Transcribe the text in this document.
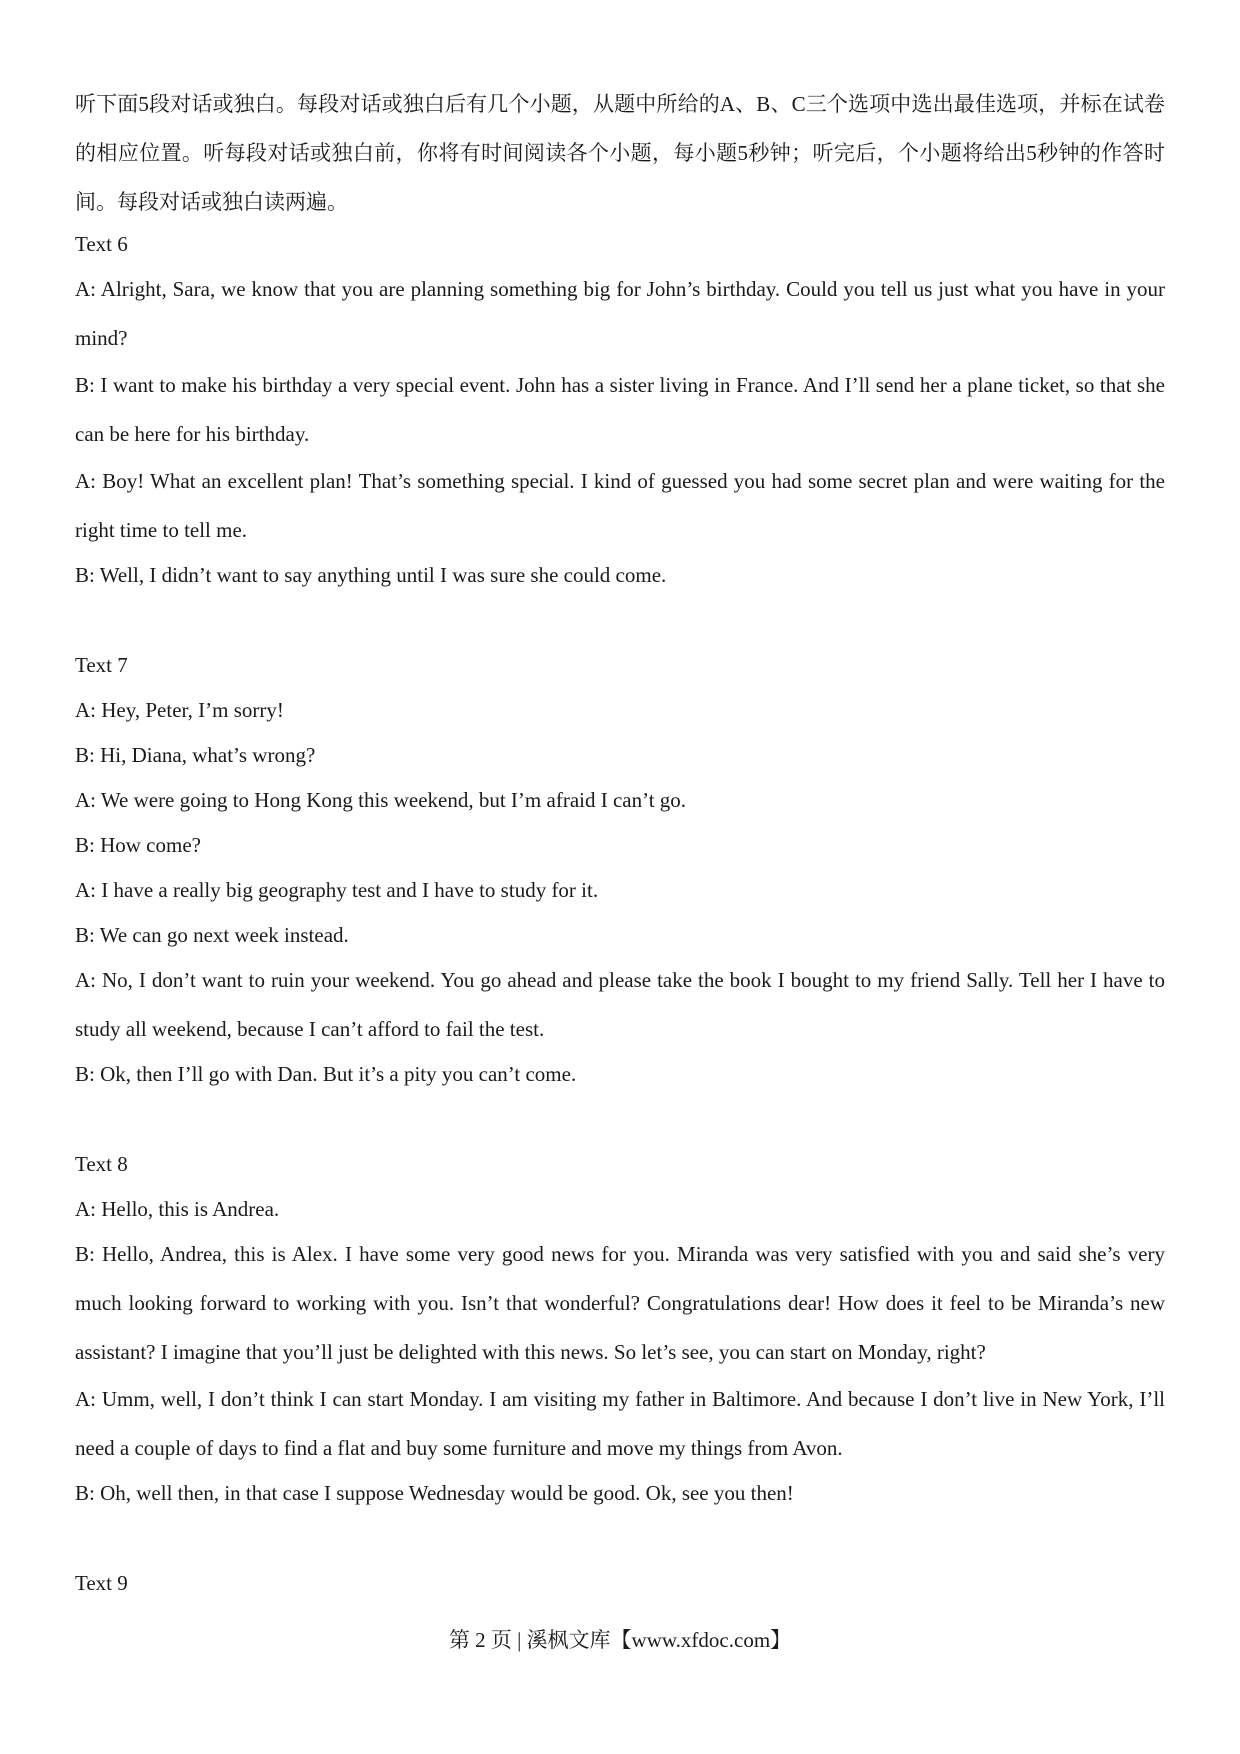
听下面5段对话或独白。每段对话或独白后有几个小题，从题中所给的A、B、C三个选项中选出最佳选项，并标在试卷的相应位置。听每段对话或独白前，你将有时间阅读各个小题，每小题5秒钟；听完后，个小题将给出5秒钟的作答时间。每段对话或独白读两遍。

Text 6

A: Alright, Sara, we know that you are planning something big for John’s birthday. Could you tell us just what you have in your mind?

B: I want to make his birthday a very special event. John has a sister living in France. And I’ll send her a plane ticket, so that she can be here for his birthday.

A: Boy! What an excellent plan! That’s something special. I kind of guessed you had some secret plan and were waiting for the right time to tell me.

B: Well, I didn’t want to say anything until I was sure she could come.

Text 7

A: Hey, Peter, I’m sorry!

B: Hi, Diana, what’s wrong?

A: We were going to Hong Kong this weekend, but I’m afraid I can’t go.

B: How come?

A: I have a really big geography test and I have to study for it.

B: We can go next week instead.

A: No, I don’t want to ruin your weekend. You go ahead and please take the book I bought to my friend Sally. Tell her I have to study all weekend, because I can’t afford to fail the test.

B: Ok, then I’ll go with Dan. But it’s a pity you can’t come.

Text 8

A: Hello, this is Andrea.

B: Hello, Andrea, this is Alex. I have some very good news for you. Miranda was very satisfied with you and said she’s very much looking forward to working with you. Isn’t that wonderful? Congratulations dear! How does it feel to be Miranda’s new assistant? I imagine that you’ll just be delighted with this news. So let’s see, you can start on Monday, right?

A: Umm, well, I don’t think I can start Monday. I am visiting my father in Baltimore. And because I don’t live in New York, I’ll need a couple of days to find a flat and buy some furniture and move my things from Avon.

B: Oh, well then, in that case I suppose Wednesday would be good. Ok, see you then!

Text 9

第 2 页 | 溪枫文库【www.xfdoc.com】
